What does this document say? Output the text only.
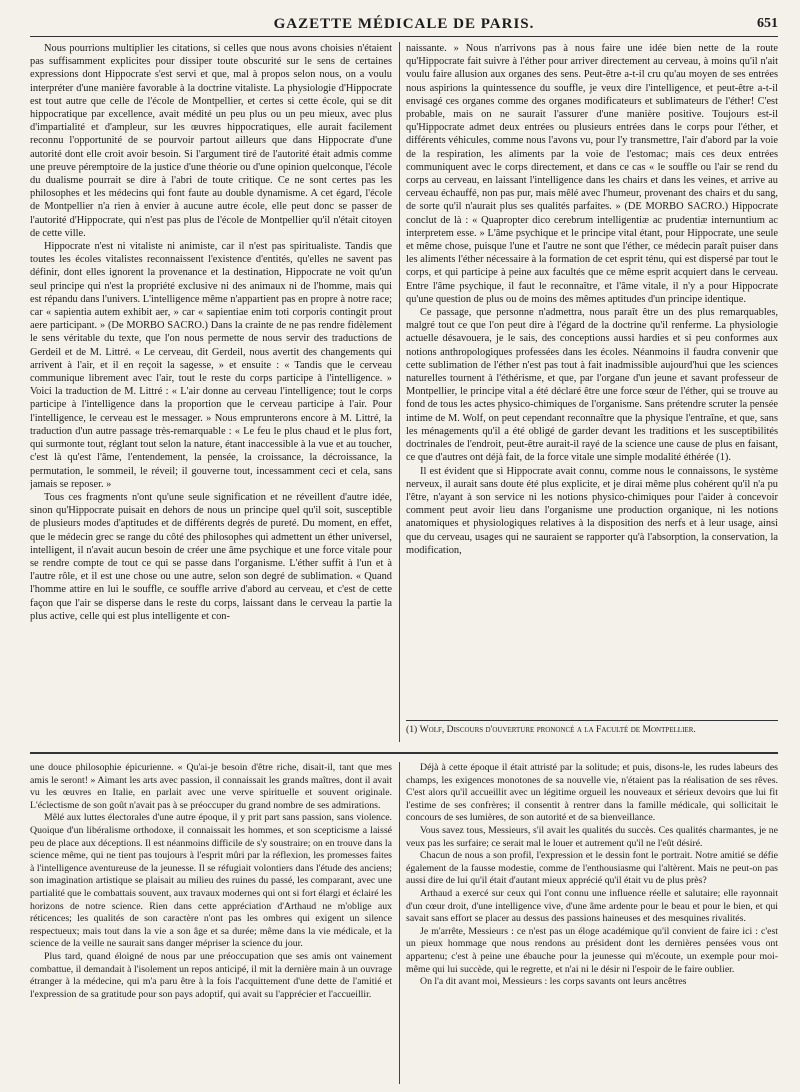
GAZETTE MÉDICALE DE PARIS.	651

Nous pourrions multiplier les citations, si celles que nous avons choisies n'étaient pas suffisamment explicites pour dissiper toute obscurité sur le sens de certaines expressions dont Hippocrate s'est servi et que, mal à propos selon nous, on a voulu interpréter d'une manière favorable à la doctrine vitaliste. La physiologie d'Hippocrate est tout autre que celle de l'école de Montpellier, et certes si cette école, qui se dit hippocratique par excellence, avait médité un peu plus ou un peu mieux, avec plus d'impartialité et d'ampleur, sur les œuvres hippocratiques, elle aurait facilement reconnu l'opportunité de se pourvoir partout ailleurs que dans Hippocrate d'une autorité dont elle croit avoir besoin. Si l'argument tiré de l'autorité était admis comme une preuve péremptoire de la justice d'une théorie ou d'une opinion quelconque, l'école du dualisme pourrait se dire à l'abri de toute critique. Ce ne sont certes pas les philosophes et les médecins qui font faute au double dynamisme. A cet égard, l'école de Montpellier n'a rien à envier à aucune autre école, elle peut donc se passer de l'autorité d'Hippocrate, qui n'est pas plus de l'école de Montpellier qu'il n'était citoyen de cette ville.

Hippocrate n'est ni vitaliste ni animiste, car il n'est pas spiritualiste. Tandis que toutes les écoles vitalistes reconnaissent l'existence d'entités, qu'elles ne savent pas définir, dont elles ignorent la provenance et la destination, Hippocrate ne voit qu'un seul principe qui n'est la propriété exclusive ni des animaux ni de l'homme, mais qui est répandu dans l'univers. L'intelligence même n'appartient pas en propre à notre race; car « sapientia autem exhibit aer, » car « sapientiae enim toti corporis contingit prout aere participant. » (De MORBO SACRO.) Dans la crainte de ne pas rendre fidèlement le sens véritable du texte, que l'on nous permette de nous servir des traductions de Gerdeil et de M. Littré. « Le cerveau, dit Gerdeil, nous avertit des changements qui arrivent à l'air, et il en reçoit la sagesse, » et ensuite : « Tandis que le cerveau communique librement avec l'air, tout le reste du corps participe à l'intelligence. » Voici la traduction de M. Littré : « L'air donne au cerveau l'intelligence; tout le corps participe à l'intelligence dans la proportion que le cerveau participe à l'air. Pour l'intelligence, le cerveau est le messager. » Nous emprunterons encore à M. Littré, la traduction d'un autre passage très-remarquable : « Le feu le plus chaud et le plus fort, qui surmonte tout, réglant tout selon la nature, étant inaccessible à la vue et au toucher, c'est là qu'est l'âme, l'entendement, la pensée, la croissance, la décroissance, la permutation, le sommeil, le réveil; il gouverne tout, incessamment ceci et cela, sans jamais se reposer. »

Tous ces fragments n'ont qu'une seule signification et ne réveillent d'autre idée, sinon qu'Hippocrate puisait en dehors de nous un principe quel qu'il soit, susceptible de plusieurs modes d'aptitudes et de différents degrés de pureté. Du moment, en effet, que le médecin grec se range du côté des philosophes qui admettent un éther universel, intelligent, il n'avait aucun besoin de créer une âme psychique et une force vitale pour se rendre compte de tout ce qui se passe dans l'organisme. L'éther suffit à l'un et à l'autre rôle, et il est une chose ou une autre, selon son degré de sublimation. « Quand l'homme attire en lui le souffle, ce souffle arrive d'abord au cerveau, et c'est de cette façon que l'air se disperse dans le reste du corps, laissant dans le cerveau la partie la plus active, celle qui est plus intelligente et con-

naissante. » Nous n'arrivons pas à nous faire une idée bien nette de la route qu'Hippocrate fait suivre à l'éther pour arriver directement au cerveau, à moins qu'il n'ait voulu faire allusion aux organes des sens. Peut-être a-t-il cru qu'au moyen de ses entrées nous aspirions la quintessence du souffle, je veux dire l'intelligence, et peut-être a-t-il envisagé ces organes comme des organes modificateurs et sublimateurs de l'éther! C'est probable, mais on ne saurait l'assurer d'une manière positive. Toujours est-il qu'Hippocrate admet deux entrées ou plusieurs entrées dans le corps pour l'éther, et différents véhicules, comme nous l'avons vu, pour l'y transmettre, l'air d'abord par la voie de la respiration, les aliments par la voie de l'estomac; mais ces deux entrées communiquent avec le corps directement, et dans ce cas « le souffle ou l'air se rend du corps au cerveau, en laissant l'intelligence dans les chairs et dans les veines, et arrive au cerveau échauffé, non pas pur, mais mêlé avec l'humeur, provenant des chairs et du sang, de sorte qu'il n'aurait plus ses qualités parfaites. » (DE MORBO SACRO.) Hippocrate conclut de là : « Quapropter dico cerebrum intelligentiæ ac prudentiæ internuntium ac interpretem esse. » L'âme psychique et le principe vital étant, pour Hippocrate, une seule et même chose, puisque l'une et l'autre ne sont que l'éther, ce médecin paraît puiser dans les aliments l'éther nécessaire à la formation de cet esprit ténu, qui est dispersé par tout le corps, et qui participe à peine aux facultés que ce même esprit acquiert dans le cerveau. Entre l'âme psychique, il faut le reconnaître, et l'âme vitale, il n'y a pour Hippocrate qu'une question de plus ou de moins des mêmes aptitudes d'un principe identique.

Ce passage, que personne n'admettra, nous paraît être un des plus remarquables, malgré tout ce que l'on peut dire à l'égard de la doctrine qu'il renferme. La physiologie actuelle désavouera, je le sais, des conceptions aussi hardies et si peu conformes aux notions anthropologiques professées dans les écoles. Néanmoins il faudra convenir que cette sublimation de l'éther n'est pas tout à fait inadmissible aujourd'hui que les sciences naturelles tournent à l'éthérisme, et que, par l'organe d'un jeune et savant professeur de Montpellier, le principe vital a été déclaré être une force sœur de l'éther, qui se trouve au fond de tous les actes physico-chimiques de l'organisme. Sans prétendre scruter la pensée intime de M. Wolf, on peut cependant reconnaître que la physique l'entraîne, et que, sans les ménagements qu'il a été obligé de garder devant les traditions et les susceptibilités doctrinales de l'endroit, peut-être aurait-il rayé de la science une cause de plus en faisant, ce que d'autres ont déjà fait, de la force vitale une simple modalité éthérée (1).

Il est évident que si Hippocrate avait connu, comme nous le connaissons, le système nerveux, il aurait sans doute été plus explicite, et je dirai même plus cohérent qu'il n'a pu l'être, n'ayant à son service ni les notions physico-chimiques pour l'aider à concevoir comment peut avoir lieu dans l'organisme une production organique, ni les notions anatomiques et physiologiques relatives à la disposition des nerfs et à leur usage, ainsi que du cerveau, usages qui ne sauraient se rapporter qu'à l'absorption, la conservation, la modification,

(1) Wolf, Discours d'ouverture prononcé a la Faculté de Montpellier.

une douce philosophie épicurienne. « Qu'ai-je besoin d'être riche, disait-il, tant que mes amis le seront! » Aimant les arts avec passion, il connaissait les grands maîtres, dont il avait vu les œuvres en Italie, en parlait avec une verve spirituelle et souvent originale. L'éclectisme de son goût n'avait pas à se préoccuper du grand nombre de ses admirations.

Mêlé aux luttes électorales d'une autre époque, il y prit part sans passion, sans violence. Quoique d'un libéralisme orthodoxe, il connaissait les hommes, et son scepticisme a laissé peu de place aux déceptions. Il est néanmoins difficile de s'y soustraire; on en trouve dans la science même, qui ne tient pas toujours à l'esprit mûri par la réflexion, les promesses faites à l'intelligence aventureuse de la jeunesse. Il se réfugiait volontiers dans l'étude des anciens; son imagination artistique se plaisait au milieu des ruines du passé, les comparant, avec une partialité que le combattais souvent, aux travaux modernes qui ont si fort élargi et éclairé les horizons de notre science. Rien dans cette appréciation d'Arthaud ne m'oblige aux réticences; les qualités de son caractère n'ont pas les ombres qui exigent un silence respectueux; mais tout dans la vie a son âge et sa durée; même dans la vie médicale, et la science de la veille ne saurait sans danger mépriser la science du jour.

Plus tard, quand éloigné de nous par une préoccupation que ses amis ont vainement combattue, il demandait à l'isolement un repos anticipé, il mit la dernière main à un ouvrage étranger à la médecine, qui m'a paru être à la fois l'acquittement d'une dette de l'amitié et l'expression de sa gratitude pour son pays adoptif, qui avait su l'apprécier et l'accueillir.

Déjà à cette époque il était attristé par la solitude; et puis, disons-le, les rudes labeurs des champs, les exigences monotones de sa nouvelle vie, n'étaient pas la réalisation de ses rêves. C'est alors qu'il accueillit avec un légitime orgueil les nouveaux et sérieux devoirs que lui fit l'estime de ses confrères; il consentit à rentrer dans la famille médicale, qui sollicitait le concours de ses lumières, de son autorité et de sa bienveillance.

Vous savez tous, Messieurs, s'il avait les qualités du succès. Ces qualités charmantes, je ne veux pas les surfaire; ce serait mal le louer et autrement qu'il ne l'eût désiré.

Chacun de nous a son profil, l'expression et le dessin font le portrait. Notre amitié se défie également de la fausse modestie, comme de l'enthousiasme qui l'altèrent. Mais ne peut-on pas aussi dire de lui qu'il était d'autant mieux apprécié qu'il était vu de plus près?

Arthaud a exercé sur ceux qui l'ont connu une influence réelle et salutaire; elle rayonnait d'un cœur droit, d'une intelligence vive, d'une âme ardente pour le beau et pour le bien, et qui savait sans effort se placer au dessus des passions haineuses et des mesquines rivalités.

Je m'arrête, Messieurs : ce n'est pas un éloge académique qu'il convient de faire ici : c'est un pieux hommage que nous rendons au président dont les dernières pensées vous ont appartenu; c'est à peine une ébauche pour la jeunesse qui m'écoute, un exemple pour moi-même qui lui succède, qui le regrette, et n'ai ni le désir ni l'espoir de le faire oublier.

On l'a dit avant moi, Messieurs : les corps savants ont leurs ancêtres
